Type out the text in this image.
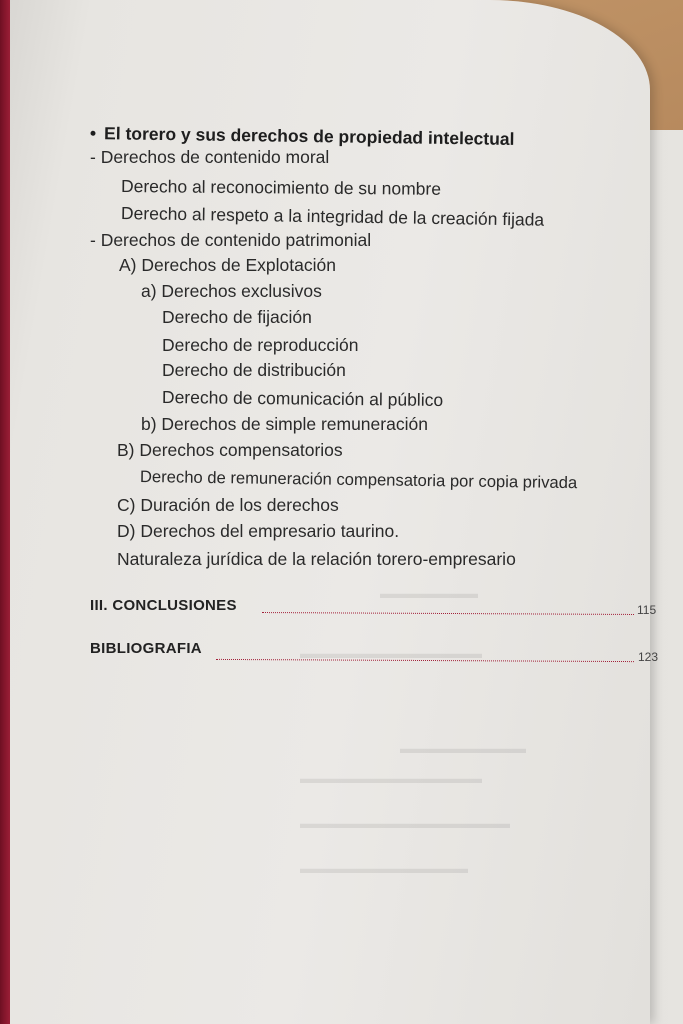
▬▬▬▬▬▬▬
▬▬▬▬▬▬▬▬▬▬▬▬▬
▬▬▬▬▬▬▬▬▬
▬▬▬▬▬▬▬▬▬▬▬▬▬
▬▬▬▬▬▬▬▬▬▬▬▬▬▬▬
▬▬▬▬▬▬▬▬▬▬▬▬
• El torero y sus derechos de propiedad intelectual
- Derechos de contenido moral
Derecho al reconocimiento de su nombre
Derecho al respeto a la integridad de la creación fijada
- Derechos de contenido patrimonial
A) Derechos de Explotación
a) Derechos exclusivos
Derecho de fijación
Derecho de reproducción
Derecho de distribución
Derecho de comunicación al público
b) Derechos de simple remuneración
B) Derechos compensatorios
Derecho de remuneración compensatoria por copia privada
C) Duración de los derechos
D) Derechos del empresario taurino.
Naturaleza jurídica de la relación torero-empresario
III. CONCLUSIONES	115
BIBLIOGRAFIA	123
